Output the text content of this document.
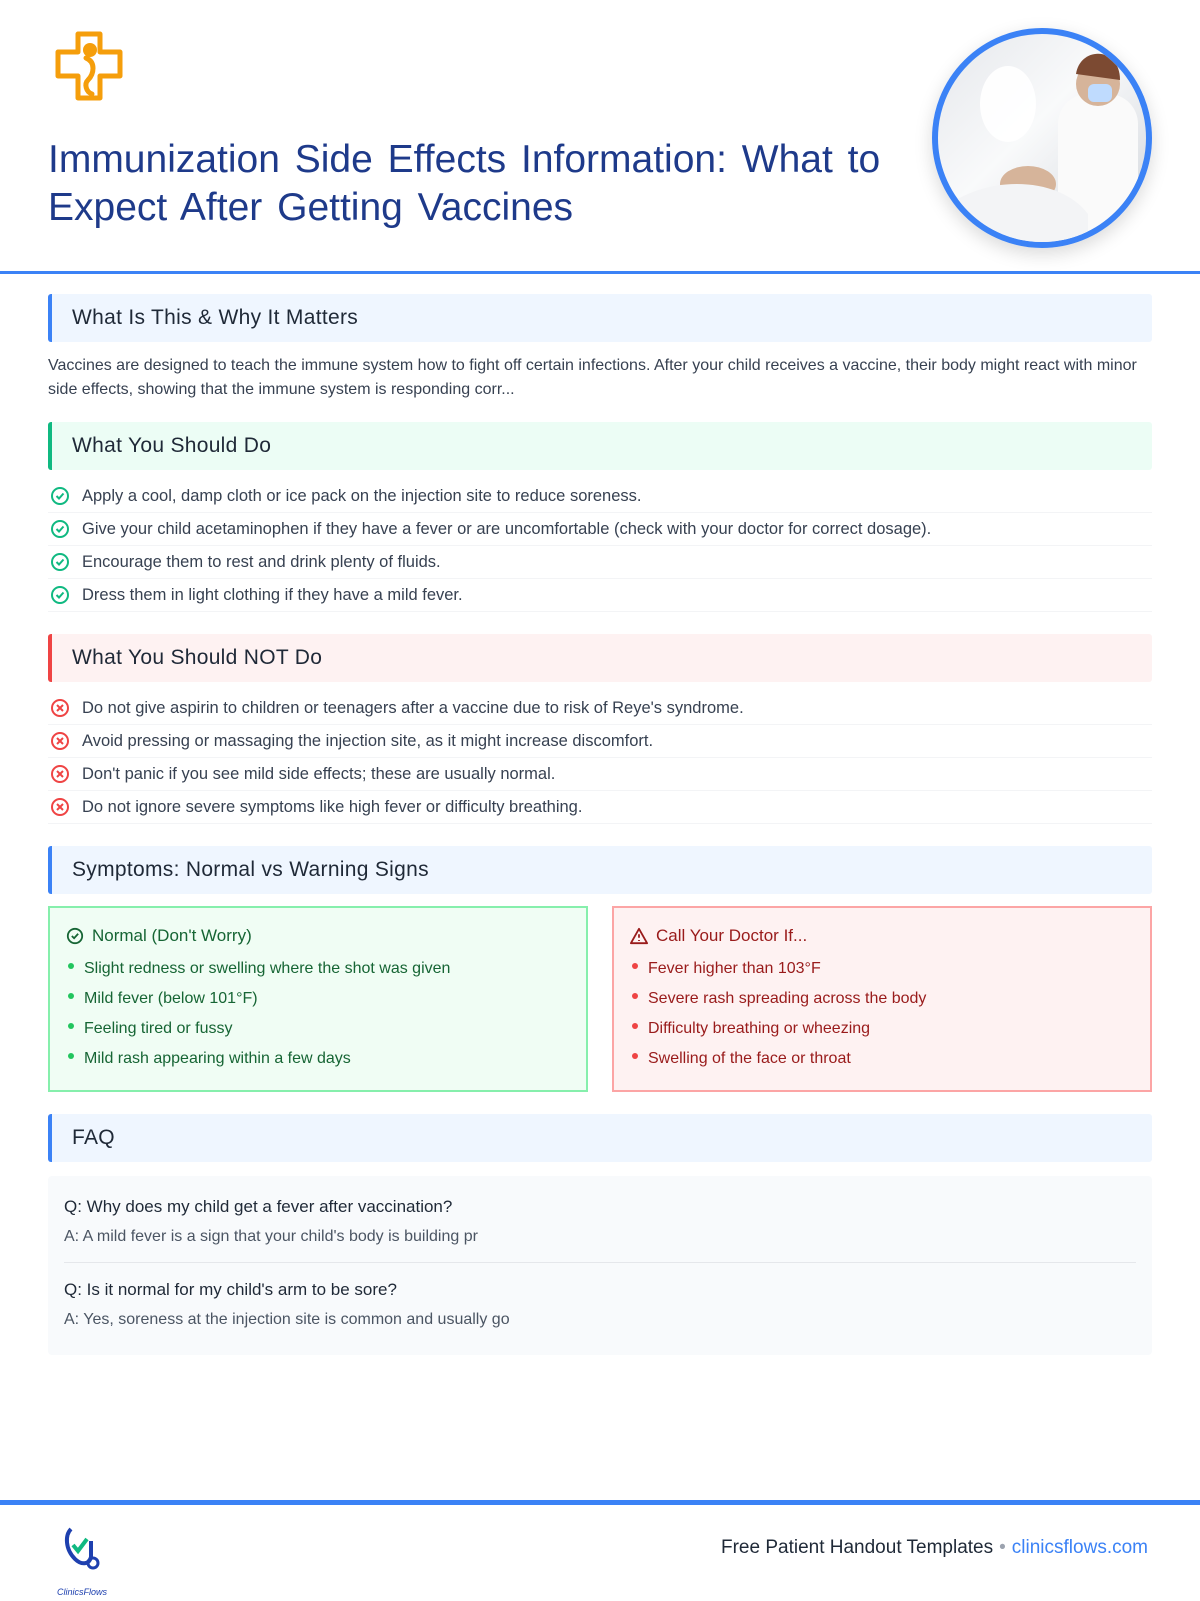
Immunization Side Effects Information: What to Expect After Getting Vaccines
What Is This & Why It Matters

Vaccines are designed to teach the immune system how to fight off certain infections. After your child receives a vaccine, their body might react with minor side effects, showing that the immune system is responding corr...

What You Should Do
Apply a cool, damp cloth or ice pack on the injection site to reduce soreness.
Give your child acetaminophen if they have a fever or are uncomfortable (check with your doctor for correct dosage).
Encourage them to rest and drink plenty of fluids.
Dress them in light clothing if they have a mild fever.
What You Should NOT Do
Do not give aspirin to children or teenagers after a vaccine due to risk of Reye's syndrome.
Avoid pressing or massaging the injection site, as it might increase discomfort.
Don't panic if you see mild side effects; these are usually normal.
Do not ignore severe symptoms like high fever or difficulty breathing.
Symptoms: Normal vs Warning Signs
Normal (Don't Worry)
Slight redness or swelling where the shot was given
Mild fever (below 101°F)
Feeling tired or fussy
Mild rash appearing within a few days
Call Your Doctor If...
Fever higher than 103°F
Severe rash spreading across the body
Difficulty breathing or wheezing
Swelling of the face or throat
FAQ
Q: Why does my child get a fever after vaccination?
A: A mild fever is a sign that your child's body is building pr
Q: Is it normal for my child's arm to be sore?
A: Yes, soreness at the injection site is common and usually go
ClinicsFlows
Free Patient Handout Templates • clinicsflows.com
